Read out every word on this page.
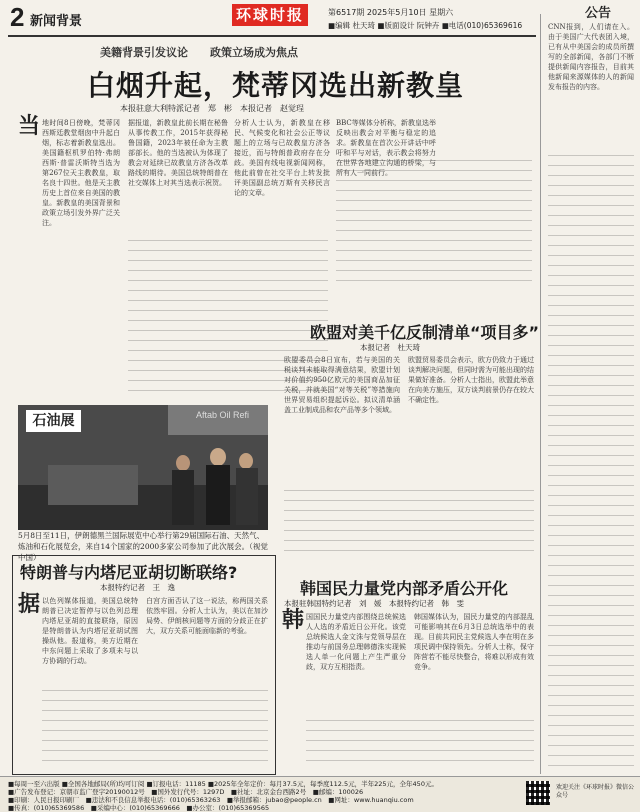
2 新闻背景	环球时报	第6517期 2025年5月10日 星期六
■编辑 杜天琦 ■版面设计 阮钟卉 ■电话(010)65369616
公告
CNN报到，人们请在入。由于美国广大代表团入境，已有从中美国会的成员所撰写的全部新闻，各部门不断提供新闻内容报告，目前其他新闻来源媒体的人的新闻发布报告的内容。
美籍背景引发议论　　政策立场成为焦点
白烟升起，梵蒂冈选出新教皇
本报驻意大利特派记者　郑　彬　本报记者　赵觉珵
当 地时间8日傍晚，梵蒂冈西斯廷教堂烟囱中升起白烟，标志着新教皇选出。美国籍枢机罗伯特·弗朗西斯·普雷沃斯特当选为第267位天主教教皇，取名良十四世。他是天主教历史上首位来自美国的教皇。新教皇的美国背景和政策立场引发外界广泛关注。
据报道，新教皇此前长期在秘鲁从事传教工作，2015年获得秘鲁国籍，2023年被任命为主教部部长。他的当选被认为体现了教会对延续已故教皇方济各改革路线的期待。美国总统特朗普在社交媒体上对其当选表示祝贺。
分析人士认为，新教皇在移民、气候变化和社会公正等议题上的立场与已故教皇方济各接近，而与特朗普政府存在分歧。美国有线电视新闻网称，他此前曾在社交平台上转发批评美国副总统万斯有关移民言论的文章。
BBC等媒体分析称，新教皇选举反映出教会对平衡与稳定的追求。新教皇在首次公开讲话中呼吁和平与对话，表示教会将努力在世界各地建立沟通的桥梁，与所有人一同前行。
石油展	Aftab Oil Refi
5月8日至11日，伊朗德黑兰国际展览中心举行第29届国际石油、天然气、炼油和石化展览会，来自14个国家的2000多家公司参加了此次展会。（视觉中国）
欧盟对美千亿反制清单“项目多”
本报记者　杜天琦
欧盟委员会8日宣布，若与美国的关税谈判未能取得满意结果，欧盟计划对价值约950亿欧元的美国商品加征关税，并就美国“对等关税”等措施向世界贸易组织提起诉讼。拟议清单涵盖工业制成品和农产品等多个领域。
欧盟贸易委员会表示，欧方仍致力于通过谈判解决问题，但同时需为可能出现的结果做好准备。分析人士指出，欧盟此举意在向美方施压，双方谈判前景仍存在较大不确定性。
特朗普与内塔尼亚胡切断联络?
本报特约记者　王　逸
据 以色列媒体报道，美国总统特朗普已决定暂停与以色列总理内塔尼亚胡的直接联络，原因是特朗普认为内塔尼亚胡试图操纵他。报道称，美方近期在中东问题上采取了多项未与以方协调的行动。
白宫方面否认了这一说法，称两国关系依然牢固。分析人士认为，美以在加沙局势、伊朗核问题等方面的分歧正在扩大，双方关系可能面临新的考验。
韩国民力量党内部矛盾公开化
本报驻韩国特约记者　刘　媛　本报特约记者　韩　雯
韩 国国民力量党内部围绕总统候选人人选的矛盾近日公开化。该党总统候选人金文洙与党领导层在推动与前国务总理韩德洙实现候选人单一化问题上产生严重分歧，双方互相指责。
韩国媒体认为，国民力量党的内部混乱可能影响其在6月3日总统选举中的表现。目前共同民主党候选人李在明在多项民调中保持领先。分析人士称，保守阵营若不能尽快整合，将难以形成有效竞争。
■每周一至六出版 ■全国各地邮局(所)均可订阅 ■订报电话：11185 ■2025年全年定价：每月37.5元，每季度112.5元，半年225元，全年450元。
■广告发布登记：京朝市监广登字20190012号　■国外发行代号：1297D　■社址：北京金台西路2号　■邮编：100026
■印刷：人民日报印刷厂　■违法和不良信息举报电话：(010)65363263　■举报邮箱：jubao@people.cn　■网址：www.huanqiu.com
■传真：(010)65369586　■采编中心：(010)65369666　■办公室：(010)65369565
欢迎关注《环球时报》微信公众号
